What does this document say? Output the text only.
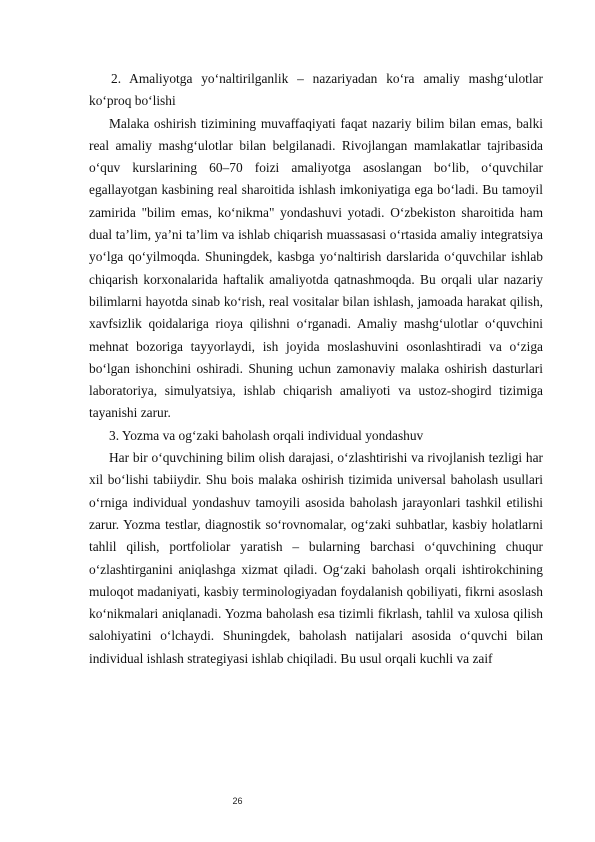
2. Amaliyotga yo‘naltirilganlik – nazariyadan ko‘ra amaliy mashg‘ulotlar ko‘proq bo‘lishi

Malaka oshirish tizimining muvaffaqiyati faqat nazariy bilim bilan emas, balki real amaliy mashg‘ulotlar bilan belgilanadi. Rivojlangan mamlakatlar tajribasida o‘quv kurslarining 60–70 foizi amaliyotga asoslangan bo‘lib, o‘quvchilar egallayotgan kasbining real sharoitida ishlash imkoniyatiga ega bo‘ladi. Bu tamoyil zamirida "bilim emas, ko‘nikma" yondashuvi yotadi. O‘zbekiston sharoitida ham dual ta’lim, ya’ni ta’lim va ishlab chiqarish muassasasi o‘rtasida amaliy integratsiya yo‘lga qo‘yilmoqda. Shuningdek, kasbga yo‘naltirish darslarida o‘quvchilar ishlab chiqarish korxonalarida haftalik amaliyotda qatnashmoqda. Bu orqali ular nazariy bilimlarni hayotda sinab ko‘rish, real vositalar bilan ishlash, jamoada harakat qilish, xavfsizlik qoidalariga rioya qilishni o‘rganadi. Amaliy mashg‘ulotlar o‘quvchini mehnat bozoriga tayyorlaydi, ish joyida moslashuvini osonlashtiradi va o‘ziga bo‘lgan ishonchini oshiradi. Shuning uchun zamonaviy malaka oshirish dasturlari laboratoriya, simulyatsiya, ishlab chiqarish amaliyoti va ustoz-shogird tizimiga tayanishi zarur.

3. Yozma va og‘zaki baholash orqali individual yondashuv

Har bir o‘quvchining bilim olish darajasi, o‘zlashtirishi va rivojlanish tezligi har xil bo‘lishi tabiiydir. Shu bois malaka oshirish tizimida universal baholash usullari o‘rniga individual yondashuv tamoyili asosida baholash jarayonlari tashkil etilishi zarur. Yozma testlar, diagnostik so‘rovnomalar, og‘zaki suhbatlar, kasbiy holatlarni tahlil qilish, portfoliolar yaratish – bularning barchasi o‘quvchining chuqur o‘zlashtirganini aniqlashga xizmat qiladi. Og‘zaki baholash orqali ishtirokchining muloqot madaniyati, kasbiy terminologiyadan foydalanish qobiliyati, fikrni asoslash ko‘nikmalari aniqlanadi. Yozma baholash esa tizimli fikrlash, tahlil va xulosa qilish salohiyatini o‘lchaydi. Shuningdek, baholash natijalari asosida o‘quvchi bilan individual ishlash strategiyasi ishlab chiqiladi. Bu usul orqali kuchli va zaif

26
